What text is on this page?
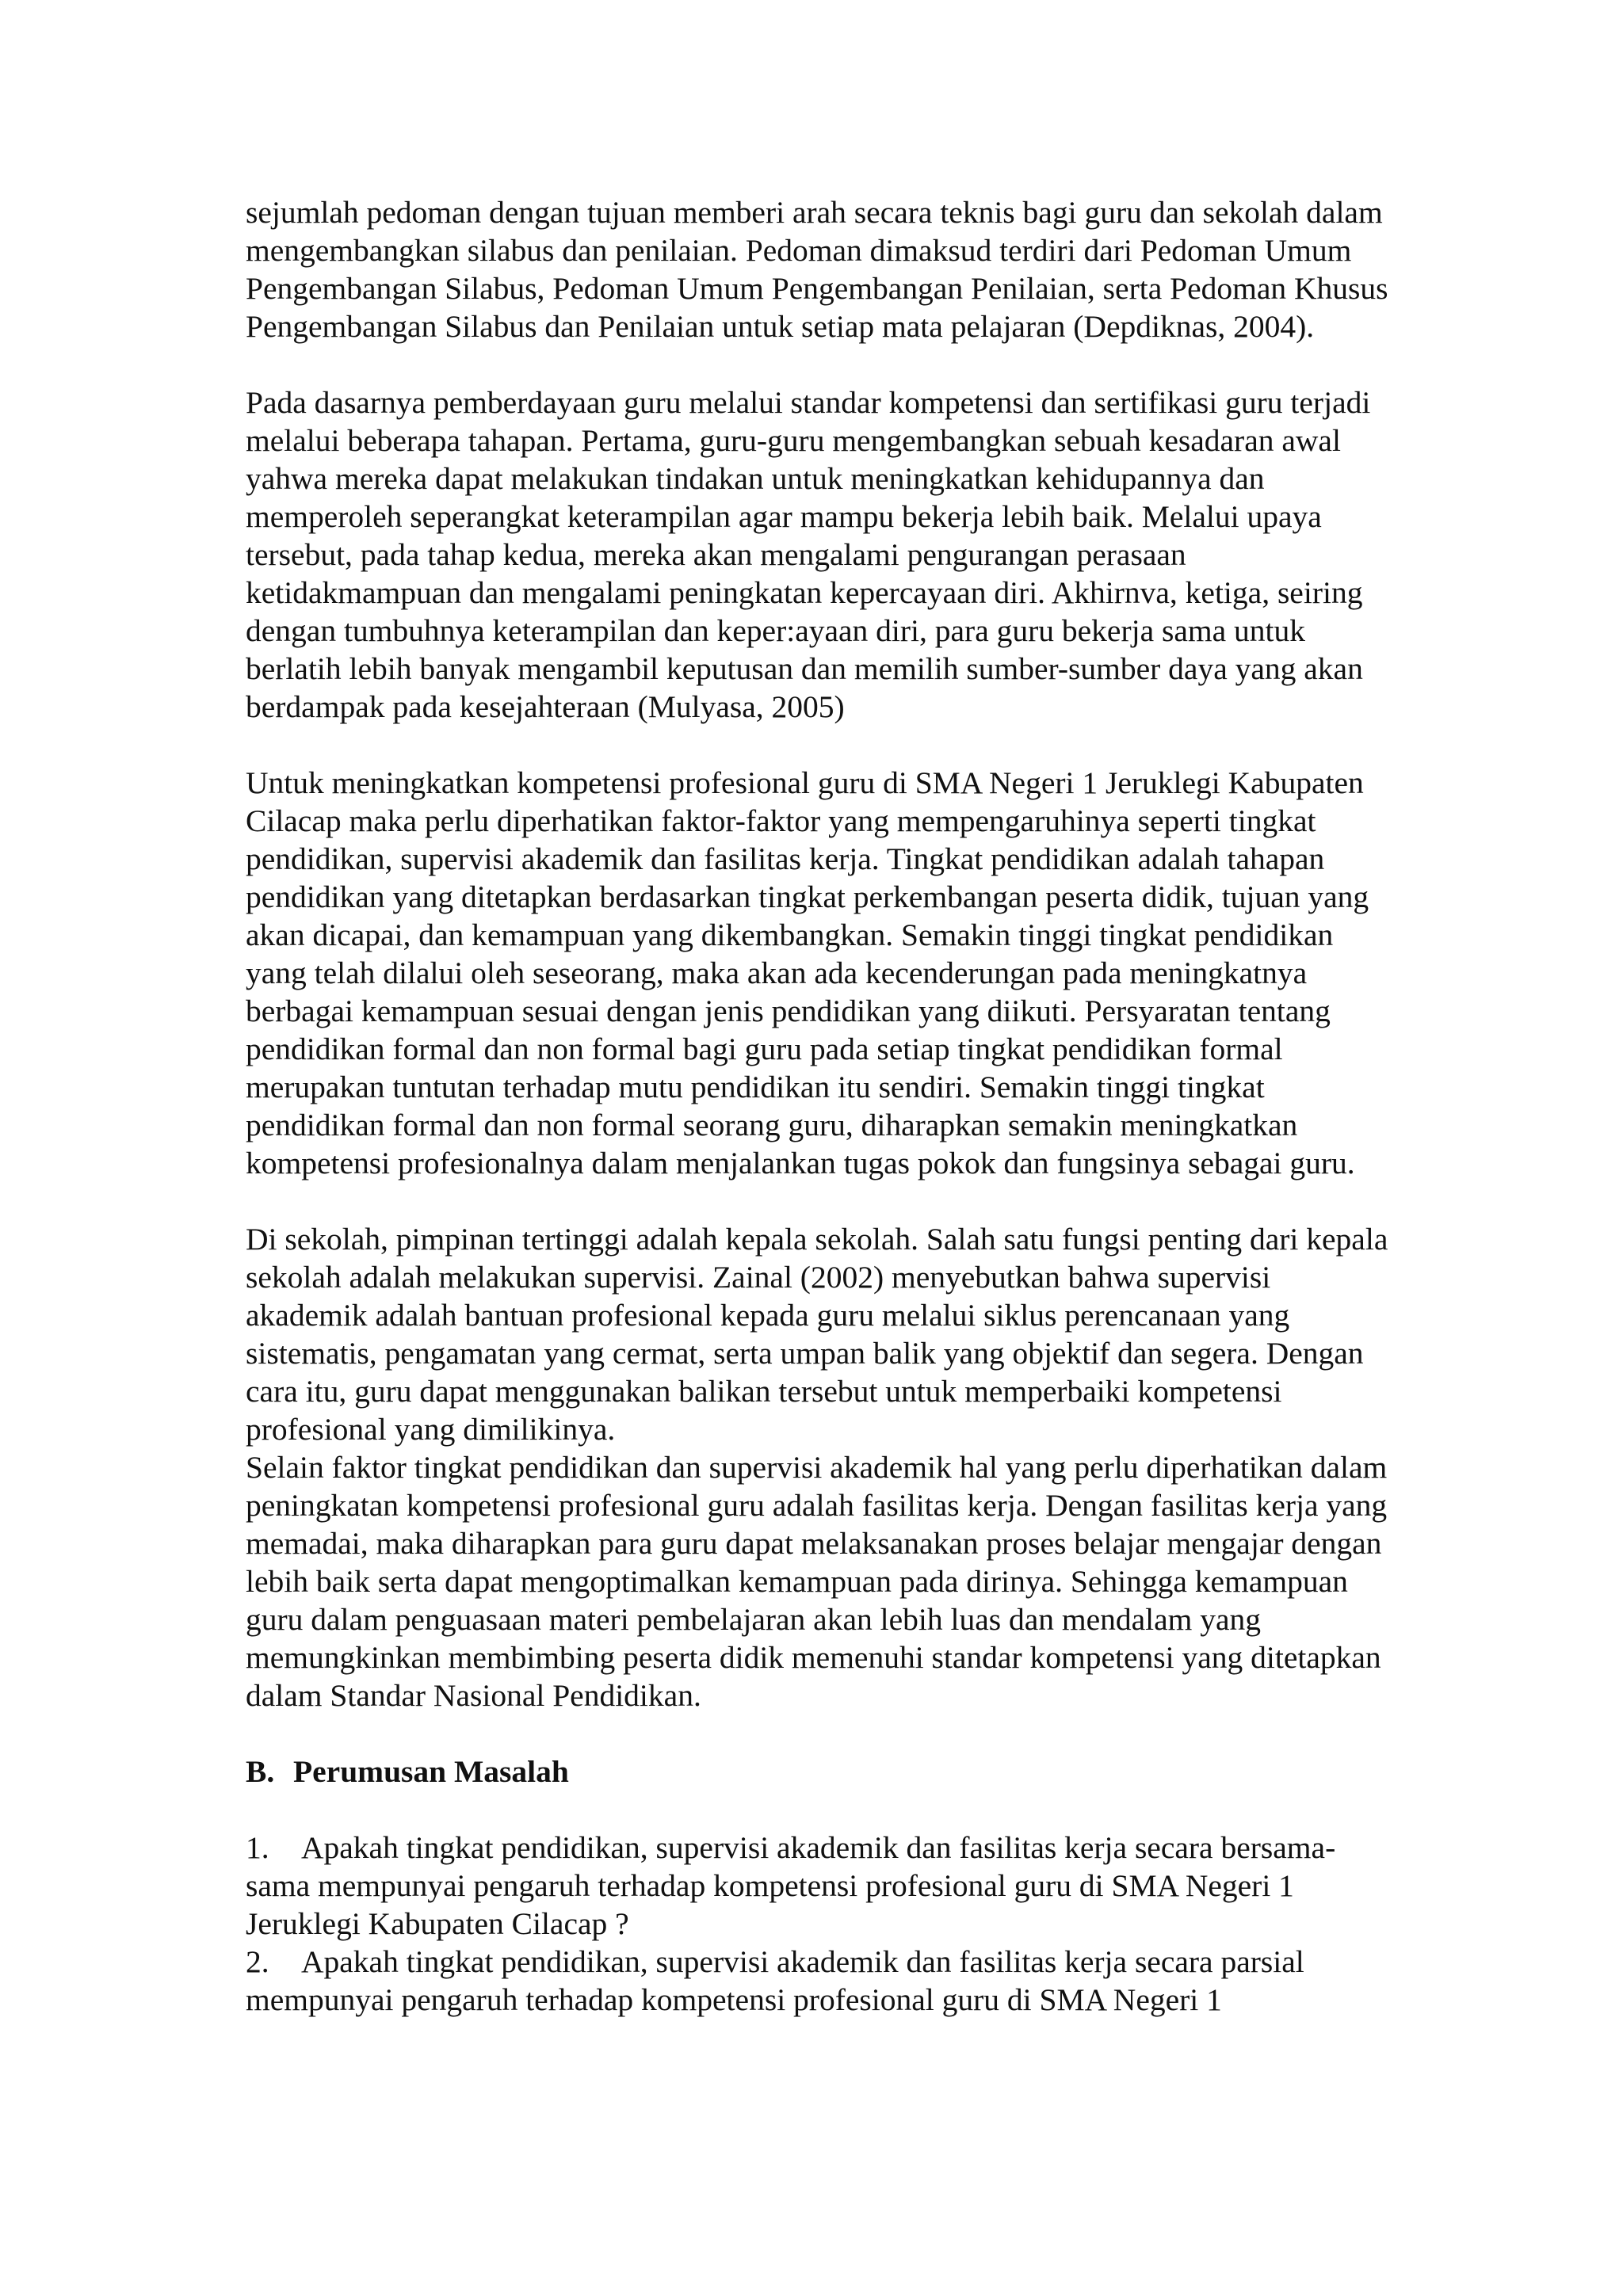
sejumlah pedoman dengan tujuan memberi arah secara teknis bagi guru dan sekolah dalam mengembangkan silabus dan penilaian. Pedoman dimaksud terdiri dari Pedoman Umum Pengembangan Silabus, Pedoman Umum Pengembangan Penilaian, serta Pedoman Khusus Pengembangan Silabus dan Penilaian untuk setiap mata pelajaran (Depdiknas, 2004).

Pada dasarnya pemberdayaan guru melalui standar kompetensi dan sertifikasi guru terjadi melalui beberapa tahapan. Pertama, guru-guru mengembangkan sebuah kesadaran awal yahwa mereka dapat melakukan tindakan untuk meningkatkan kehidupannya dan memperoleh seperangkat keterampilan agar mampu bekerja lebih baik. Melalui upaya tersebut, pada tahap kedua, mereka akan mengalami pengurangan perasaan ketidakmampuan dan mengalami peningkatan kepercayaan diri. Akhirnva, ketiga, seiring dengan tumbuhnya keterampilan dan keper:ayaan diri, para guru bekerja sama untuk berlatih lebih banyak mengambil keputusan dan memilih sumber-sumber daya yang akan berdampak pada kesejahteraan (Mulyasa, 2005)

Untuk meningkatkan kompetensi profesional guru di SMA Negeri 1 Jeruklegi Kabupaten Cilacap maka perlu diperhatikan faktor-faktor yang mempengaruhinya seperti tingkat pendidikan, supervisi akademik dan fasilitas kerja. Tingkat pendidikan adalah tahapan pendidikan yang ditetapkan berdasarkan tingkat perkembangan peserta didik, tujuan yang akan dicapai, dan kemampuan yang dikembangkan. Semakin tinggi tingkat pendidikan yang telah dilalui oleh seseorang, maka akan ada kecenderungan pada meningkatnya berbagai kemampuan sesuai dengan jenis pendidikan yang diikuti. Persyaratan tentang pendidikan formal dan non formal bagi guru pada setiap tingkat pendidikan formal merupakan tuntutan terhadap mutu pendidikan itu sendiri. Semakin tinggi tingkat pendidikan formal dan non formal seorang guru, diharapkan semakin meningkatkan kompetensi profesionalnya dalam menjalankan tugas pokok dan fungsinya sebagai guru.

Di sekolah, pimpinan tertinggi adalah kepala sekolah. Salah satu fungsi penting dari kepala sekolah adalah melakukan supervisi. Zainal (2002) menyebutkan bahwa supervisi akademik adalah bantuan profesional kepada guru melalui siklus perencanaan yang sistematis, pengamatan yang cermat, serta umpan balik yang objektif dan segera. Dengan cara itu, guru dapat menggunakan balikan tersebut untuk memperbaiki kompetensi profesional yang dimilikinya.

Selain faktor tingkat pendidikan dan supervisi akademik hal yang perlu diperhatikan dalam peningkatan kompetensi profesional guru adalah fasilitas kerja. Dengan fasilitas kerja yang memadai, maka diharapkan para guru dapat melaksanakan proses belajar mengajar dengan lebih baik serta dapat mengoptimalkan kemampuan pada dirinya. Sehingga kemampuan guru dalam penguasaan materi pembelajaran akan lebih luas dan mendalam yang memungkinkan membimbing peserta didik memenuhi standar kompetensi yang ditetapkan dalam Standar Nasional Pendidikan.

B. Perumusan Masalah

1. Apakah tingkat pendidikan, supervisi akademik dan fasilitas kerja secara bersama-sama mempunyai pengaruh terhadap kompetensi profesional guru di SMA Negeri 1 Jeruklegi Kabupaten Cilacap ?

2. Apakah tingkat pendidikan, supervisi akademik dan fasilitas kerja secara parsial mempunyai pengaruh terhadap kompetensi profesional guru di SMA Negeri 1
